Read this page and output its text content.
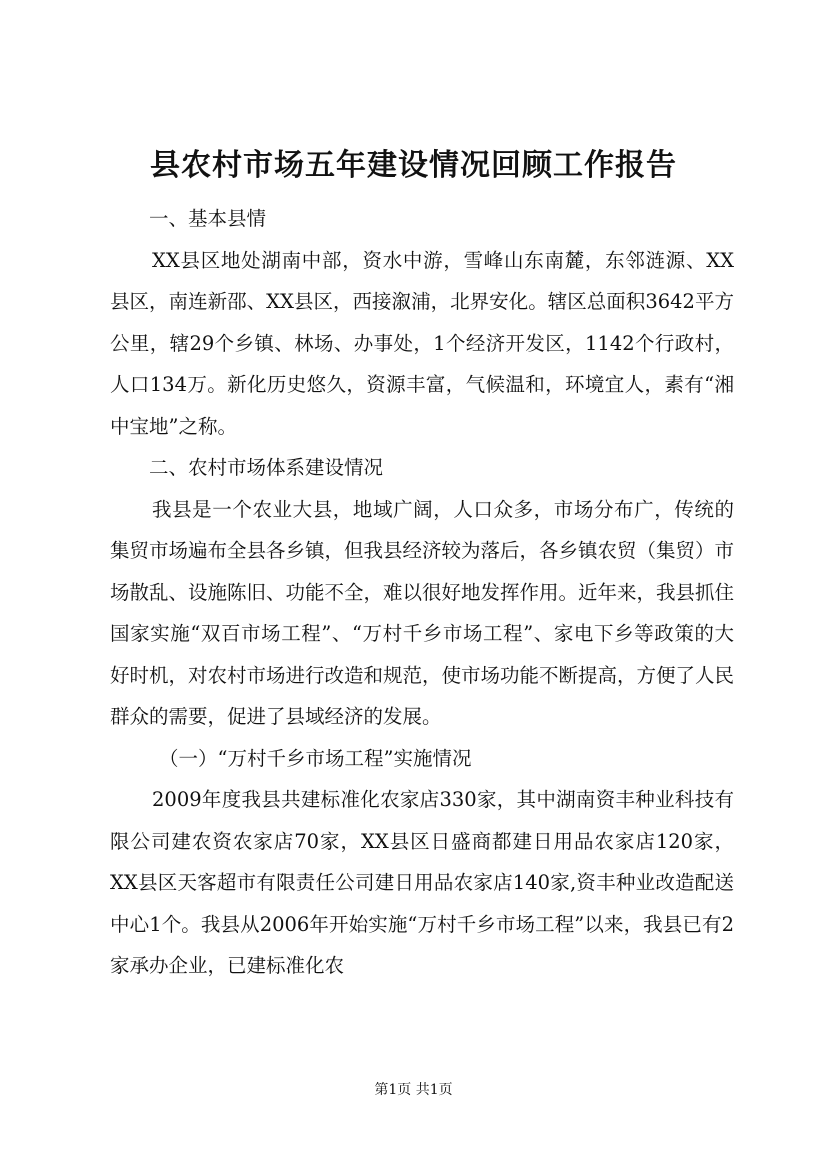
县农村市场五年建设情况回顾工作报告

一、基本县情

XX县区地处湖南中部，资水中游，雪峰山东南麓，东邻涟源、XX县区，南连新邵、XX县区，西接溆浦，北界安化。辖区总面积3642平方公里，辖29个乡镇、林场、办事处，1个经济开发区，1142个行政村，人口134万。新化历史悠久，资源丰富，气候温和，环境宜人，素有“湘中宝地”之称。

二、农村市场体系建设情况

我县是一个农业大县，地域广阔，人口众多，市场分布广，传统的集贸市场遍布全县各乡镇，但我县经济较为落后，各乡镇农贸（集贸）市场散乱、设施陈旧、功能不全，难以很好地发挥作用。近年来，我县抓住国家实施“双百市场工程”、“万村千乡市场工程”、家电下乡等政策的大好时机，对农村市场进行改造和规范，使市场功能不断提高，方便了人民群众的需要，促进了县域经济的发展。

（一）“万村千乡市场工程”实施情况

2009年度我县共建标准化农家店330家，其中湖南资丰种业科技有限公司建农资农家店70家，XX县区日盛商都建日用品农家店120家，XX县区天客超市有限责任公司建日用品农家店140家,资丰种业改造配送中心1个。我县从2006年开始实施“万村千乡市场工程”以来，我县已有2家承办企业，已建标准化农

第1页 共1页
